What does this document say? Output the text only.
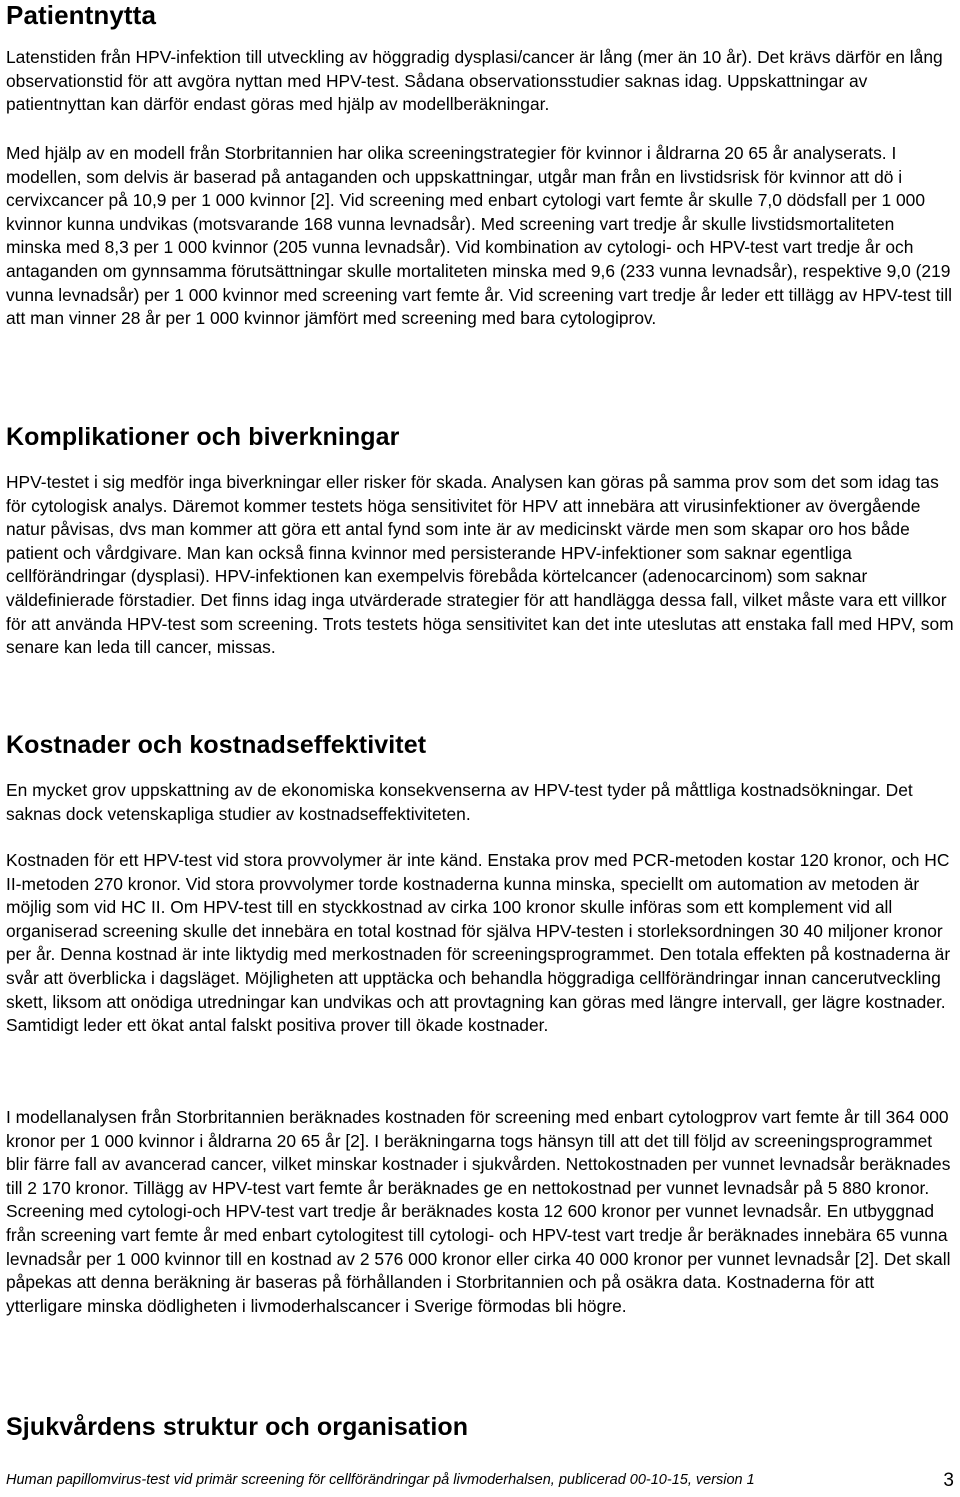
Patientnytta

Latenstiden från HPV-infektion till utveckling av höggradig dysplasi/cancer är lång (mer än 10 år). Det krävs därför en lång observationstid för att avgöra nyttan med HPV-test. Sådana observationsstudier saknas idag. Uppskattningar av patientnyttan kan därför endast göras med hjälp av modellberäkningar.

Med hjälp av en modell från Storbritannien har olika screeningstrategier för kvinnor i åldrarna 20 65 år analyserats. I modellen, som delvis är baserad på antaganden och uppskattningar, utgår man från en livstidsrisk för kvinnor att dö i cervixcancer på 10,9 per 1 000 kvinnor [2]. Vid screening med enbart cytologi vart femte år skulle 7,0 dödsfall per 1 000 kvinnor kunna undvikas (motsvarande 168 vunna levnadsår). Med screening vart tredje år skulle livstidsmortaliteten minska med 8,3 per 1 000 kvinnor (205 vunna levnadsår). Vid kombination av cytologi- och HPV-test vart tredje år och antaganden om gynnsamma förutsättningar skulle mortaliteten minska med 9,6 (233 vunna levnadsår), respektive 9,0 (219 vunna levnadsår) per 1 000 kvinnor med screening vart femte år. Vid screening vart tredje år leder ett tillägg av HPV-test till att man vinner 28 år per 1 000 kvinnor jämfört med screening med bara cytologiprov.

Komplikationer och biverkningar

HPV-testet i sig medför inga biverkningar eller risker för skada. Analysen kan göras på samma prov som det som idag tas för cytologisk analys. Däremot kommer testets höga sensitivitet för HPV att innebära att virusinfektioner av övergående natur påvisas, dvs man kommer att göra ett antal fynd som inte är av medicinskt värde men som skapar oro hos både patient och vårdgivare. Man kan också finna kvinnor med persisterande HPV-infektioner som saknar egentliga cellförändringar (dysplasi). HPV-infektionen kan exempelvis förebåda körtelcancer (adenocarcinom) som saknar väldefinierade förstadier. Det finns idag inga utvärderade strategier för att handlägga dessa fall, vilket måste vara ett villkor för att använda HPV-test som screening. Trots testets höga sensitivitet kan det inte uteslutas att enstaka fall med HPV, som senare kan leda till cancer, missas.

Kostnader och kostnadseffektivitet

En mycket grov uppskattning av de ekonomiska konsekvenserna av HPV-test tyder på måttliga kostnadsökningar. Det saknas dock vetenskapliga studier av kostnadseffektiviteten.

Kostnaden för ett HPV-test vid stora provvolymer är inte känd. Enstaka prov med PCR-metoden kostar 120 kronor, och HC II-metoden 270 kronor. Vid stora provvolymer torde kostnaderna kunna minska, speciellt om automation av metoden är möjlig som vid HC II. Om HPV-test till en styckkostnad av cirka 100 kronor skulle införas som ett komplement vid all organiserad screening skulle det innebära en total kostnad för själva HPV-testen i storleksordningen 30 40 miljoner kronor per år. Denna kostnad är inte liktydig med merkostnaden för screeningsprogrammet. Den totala effekten på kostnaderna är svår att överblicka i dagsläget. Möjligheten att upptäcka och behandla höggradiga cellförändringar innan cancerutveckling skett, liksom att onödiga utredningar kan undvikas och att provtagning kan göras med längre intervall, ger lägre kostnader. Samtidigt leder ett ökat antal falskt positiva prover till ökade kostnader.

I modellanalysen från Storbritannien beräknades kostnaden för screening med enbart cytologprov vart femte år till 364 000 kronor per 1 000 kvinnor i åldrarna 20 65 år [2]. I beräkningarna togs hänsyn till att det till följd av screeningsprogrammet blir färre fall av avancerad cancer, vilket minskar kostnader i sjukvården. Nettokostnaden per vunnet levnadsår beräknades till 2 170 kronor. Tillägg av HPV-test vart femte år beräknades ge en nettokostnad per vunnet levnadsår på 5 880 kronor. Screening med cytologi-och HPV-test vart tredje år beräknades kosta 12 600 kronor per vunnet levnadsår. En utbyggnad från screening vart femte år med enbart cytologitest till cytologi- och HPV-test vart tredje år beräknades innebära 65 vunna levnadsår per 1 000 kvinnor till en kostnad av 2 576 000 kronor eller cirka 40 000 kronor per vunnet levnadsår [2]. Det skall påpekas att denna beräkning är baseras på förhållanden i Storbritannien och på osäkra data. Kostnaderna för att ytterligare minska dödligheten i livmoderhalscancer i Sverige förmodas bli högre.

Sjukvårdens struktur och organisation
Human papillomvirus-test vid primär screening för cellförändringar på livmoderhalsen, publicerad 00-10-15, version 1	3
